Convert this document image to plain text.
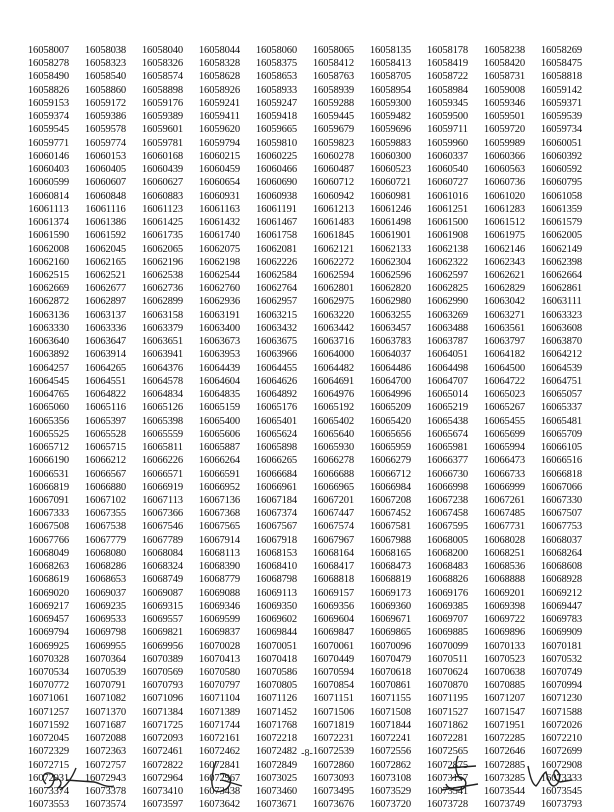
16058007	16058038	16058040	16058044	16058060	16058065	16058135	16058178	16058238	16058269
16058278	16058323	16058326	16058328	16058375	16058412	16058413	16058419	16058420	16058475
16058490	16058540	16058574	16058628	16058653	16058763	16058705	16058722	16058731	16058818
16058826	16058860	16058898	16058926	16058933	16058939	16058954	16058984	16059008	16059142
16059153	16059172	16059176	16059241	16059247	16059288	16059300	16059345	16059346	16059371
16059374	16059386	16059389	16059411	16059418	16059445	16059482	16059500	16059501	16059539
16059545	16059578	16059601	16059620	16059665	16059679	16059696	16059711	16059720	16059734
16059771	16059774	16059781	16059794	16059810	16059823	16059883	16059960	16059989	16060051
16060146	16060153	16060168	16060215	16060225	16060278	16060300	16060337	16060366	16060392
16060403	16060405	16060439	16060459	16060466	16060487	16060523	16060540	16060563	16060592
16060599	16060607	16060627	16060654	16060690	16060712	16060721	16060727	16060736	16060795
16060814	16060848	16060883	16060931	16060938	16060942	16060981	16061016	16061020	16061058
16061113	16061116	16061123	16061163	16061191	16061213	16061246	16061251	16061283	16061359
16061374	16061386	16061425	16061432	16061467	16061483	16061498	16061500	16061512	16061579
16061590	16061592	16061735	16061740	16061758	16061845	16061901	16061908	16061975	16062005
16062008	16062045	16062065	16062075	16062081	16062121	16062133	16062138	16062146	16062149
16062160	16062165	16062196	16062198	16062226	16062272	16062304	16062322	16062343	16062398
16062515	16062521	16062538	16062544	16062584	16062594	16062596	16062597	16062621	16062664
16062669	16062677	16062736	16062760	16062764	16062801	16062820	16062825	16062829	16062861
16062872	16062897	16062899	16062936	16062957	16062975	16062980	16062990	16063042	16063111
16063136	16063137	16063158	16063191	16063215	16063220	16063255	16063269	16063271	16063323
16063330	16063336	16063379	16063400	16063432	16063442	16063457	16063488	16063561	16063608
16063640	16063647	16063651	16063673	16063675	16063716	16063783	16063787	16063797	16063870
16063892	16063914	16063941	16063953	16063966	16064000	16064037	16064051	16064182	16064212
16064257	16064265	16064376	16064439	16064455	16064482	16064486	16064498	16064500	16064539
16064545	16064551	16064578	16064604	16064626	16064691	16064700	16064707	16064722	16064751
16064765	16064822	16064834	16064835	16064892	16064976	16064996	16065014	16065023	16065057
16065060	16065116	16065126	16065159	16065176	16065192	16065209	16065219	16065267	16065337
16065356	16065397	16065398	16065400	16065401	16065402	16065420	16065438	16065455	16065481
16065525	16065528	16065559	16065606	16065624	16065640	16065656	16065674	16065699	16065709
16065712	16065715	16065811	16065887	16065898	16065930	16065959	16065981	16065994	16066105
16066190	16066212	16066226	16066264	16066265	16066278	16066279	16066377	16066473	16066516
16066531	16066567	16066571	16066591	16066684	16066688	16066712	16066730	16066733	16066818
16066819	16066880	16066919	16066952	16066961	16066965	16066984	16066998	16066999	16067066
16067091	16067102	16067113	16067136	16067184	16067201	16067208	16067238	16067261	16067330
16067333	16067355	16067366	16067368	16067374	16067447	16067452	16067458	16067485	16067507
16067508	16067538	16067546	16067565	16067567	16067574	16067581	16067595	16067731	16067753
16067766	16067779	16067789	16067914	16067918	16067967	16067988	16068005	16068028	16068037
16068049	16068080	16068084	16068113	16068153	16068164	16068165	16068200	16068251	16068264
16068263	16068286	16068324	16068390	16068410	16068417	16068473	16068483	16068536	16068608
16068619	16068653	16068749	16068779	16068798	16068818	16068819	16068826	16068888	16068928
16069020	16069037	16069087	16069088	16069113	16069157	16069173	16069176	16069201	16069212
16069217	16069235	16069315	16069346	16069350	16069356	16069360	16069385	16069398	16069447
16069457	16069533	16069557	16069599	16069602	16069604	16069671	16069707	16069722	16069783
16069794	16069798	16069821	16069837	16069844	16069847	16069865	16069885	16069896	16069909
16069925	16069955	16069956	16070028	16070051	16070061	16070096	16070099	16070133	16070181
16070328	16070364	16070389	16070413	16070418	16070449	16070479	16070511	16070523	16070532
16070534	16070539	16070569	16070580	16070586	16070594	16070618	16070624	16070638	16070749
16070772	16070791	16070793	16070797	16070805	16070854	16070861	16070870	16070885	16070994
16071061	16071082	16071096	16071104	16071126	16071151	16071155	16071195	16071207	16071230
16071257	16071370	16071384	16071389	16071452	16071506	16071508	16071527	16071547	16071588
16071592	16071687	16071725	16071744	16071768	16071819	16071844	16071862	16071951	16072026
16072045	16072088	16072093	16072161	16072218	16072231	16072241	16072281	16072285	16072210
16072329	16072363	16072461	16072462	16072482	16072539	16072556	16072565	16072646	16072699
16072715	16072757	16072822	16072841	16072849	16072860	16072862	16072875	16072885	16072908
16072931	16072943	16072964	16072967	16073025	16073093	16073108	16073157	16073285	16073333
16073374	16073378	16073410	16073438	16073460	16073495	16073529	16073541	16073544	16073545
16073553	16073574	16073597	16073642	16073671	16073676	16073720	16073728	16073749	16073793
-8-
